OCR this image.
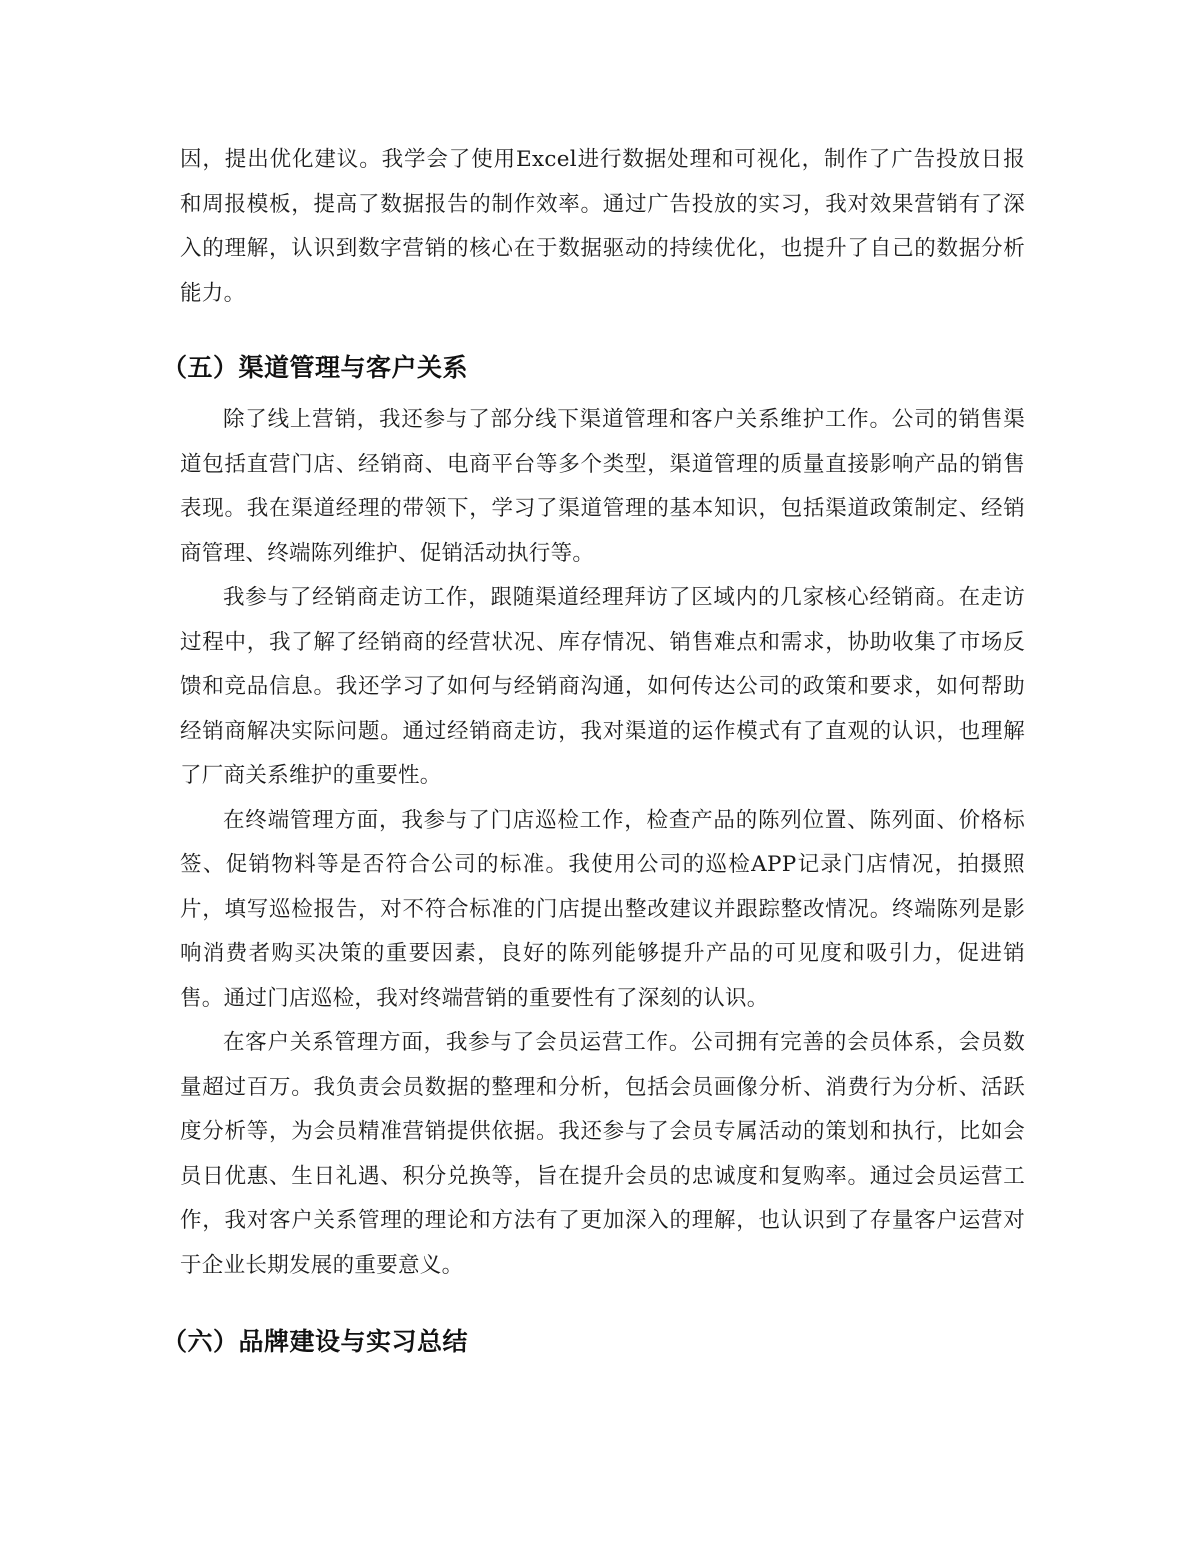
因，提出优化建议。我学会了使用Excel进行数据处理和可视化，制作了广告投放日报和周报模板，提高了数据报告的制作效率。通过广告投放的实习，我对效果营销有了深入的理解，认识到数字营销的核心在于数据驱动的持续优化，也提升了自己的数据分析能力。

（五）渠道管理与客户关系

除了线上营销，我还参与了部分线下渠道管理和客户关系维护工作。公司的销售渠道包括直营门店、经销商、电商平台等多个类型，渠道管理的质量直接影响产品的销售表现。我在渠道经理的带领下，学习了渠道管理的基本知识，包括渠道政策制定、经销商管理、终端陈列维护、促销活动执行等。

我参与了经销商走访工作，跟随渠道经理拜访了区域内的几家核心经销商。在走访过程中，我了解了经销商的经营状况、库存情况、销售难点和需求，协助收集了市场反馈和竞品信息。我还学习了如何与经销商沟通，如何传达公司的政策和要求，如何帮助经销商解决实际问题。通过经销商走访，我对渠道的运作模式有了直观的认识，也理解了厂商关系维护的重要性。

在终端管理方面，我参与了门店巡检工作，检查产品的陈列位置、陈列面、价格标签、促销物料等是否符合公司的标准。我使用公司的巡检APP记录门店情况，拍摄照片，填写巡检报告，对不符合标准的门店提出整改建议并跟踪整改情况。终端陈列是影响消费者购买决策的重要因素，良好的陈列能够提升产品的可见度和吸引力，促进销售。通过门店巡检，我对终端营销的重要性有了深刻的认识。

在客户关系管理方面，我参与了会员运营工作。公司拥有完善的会员体系，会员数量超过百万。我负责会员数据的整理和分析，包括会员画像分析、消费行为分析、活跃度分析等，为会员精准营销提供依据。我还参与了会员专属活动的策划和执行，比如会员日优惠、生日礼遇、积分兑换等，旨在提升会员的忠诚度和复购率。通过会员运营工作，我对客户关系管理的理论和方法有了更加深入的理解，也认识到了存量客户运营对于企业长期发展的重要意义。

（六）品牌建设与实习总结
